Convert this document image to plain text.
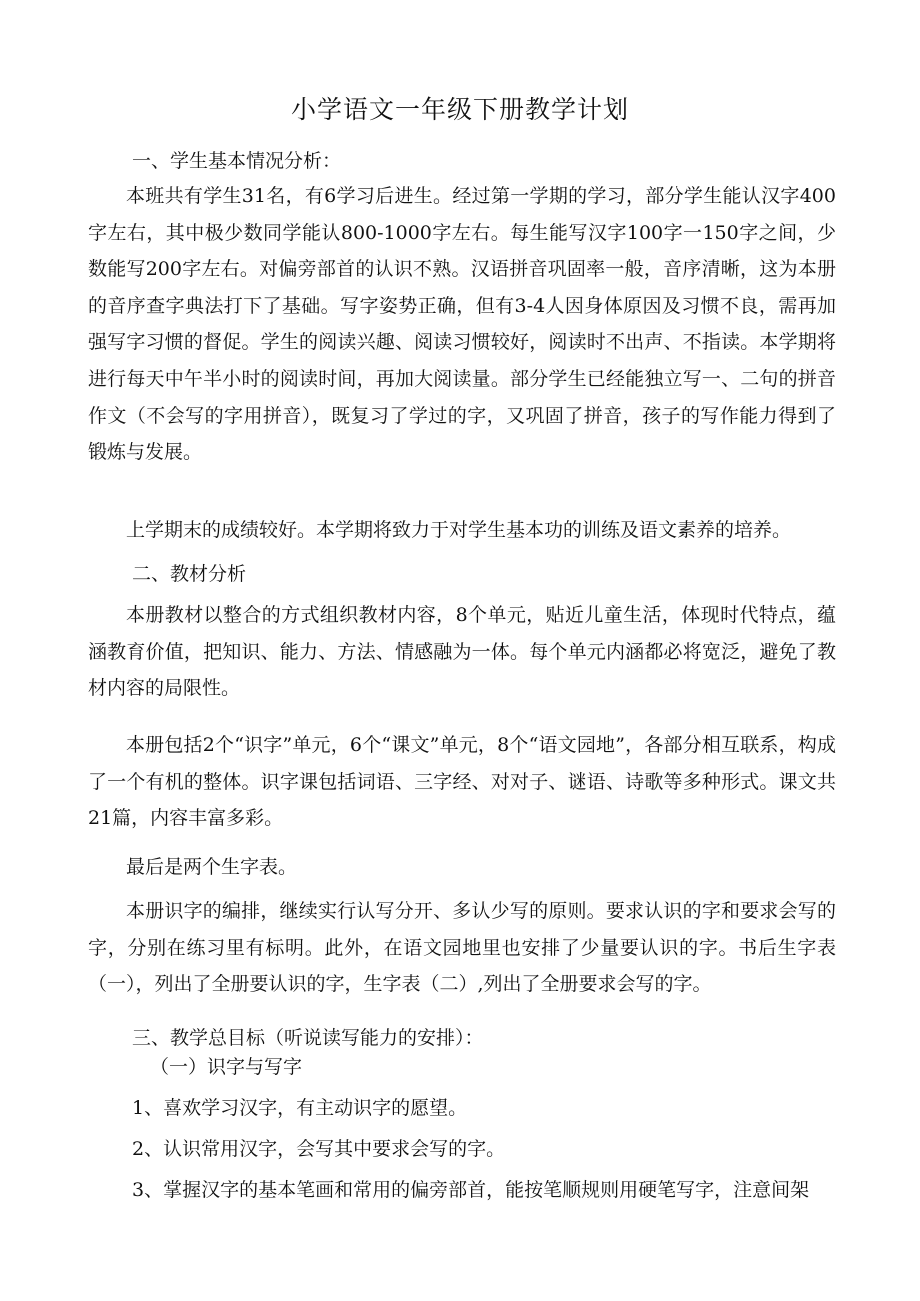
小学语文一年级下册教学计划

一、学生基本情况分析：

本班共有学生31名，有6学习后进生。经过第一学期的学习，部分学生能认汉字400字左右，其中极少数同学能认800-1000字左右。每生能写汉字100字一150字之间，少数能写200字左右。对偏旁部首的认识不熟。汉语拼音巩固率一般，音序清晰，这为本册的音序查字典法打下了基础。写字姿势正确，但有3-4人因身体原因及习惯不良，需再加强写字习惯的督促。学生的阅读兴趣、阅读习惯较好，阅读时不出声、不指读。本学期将进行每天中午半小时的阅读时间，再加大阅读量。部分学生已经能独立写一、二句的拼音作文（不会写的字用拼音），既复习了学过的字，又巩固了拼音，孩子的写作能力得到了锻炼与发展。

上学期末的成绩较好。本学期将致力于对学生基本功的训练及语文素养的培养。

二、教材分析

本册教材以整合的方式组织教材内容，8个单元，贴近儿童生活，体现时代特点，蕴涵教育价值，把知识、能力、方法、情感融为一体。每个单元内涵都必将宽泛，避免了教材内容的局限性。

本册包括2个“识字”单元，6个“课文”单元，8个“语文园地”，各部分相互联系，构成了一个有机的整体。识字课包括词语、三字经、对对子、谜语、诗歌等多种形式。课文共21篇，内容丰富多彩。

最后是两个生字表。

本册识字的编排，继续实行认写分开、多认少写的原则。要求认识的字和要求会写的字，分别在练习里有标明。此外，在语文园地里也安排了少量要认识的字。书后生字表（一），列出了全册要认识的字，生字表（二）,列出了全册要求会写的字。

三、教学总目标（听说读写能力的安排）：

（一）识字与写字

1、喜欢学习汉字，有主动识字的愿望。

2、认识常用汉字，会写其中要求会写的字。

3、掌握汉字的基本笔画和常用的偏旁部首，能按笔顺规则用硬笔写字，注意间架
